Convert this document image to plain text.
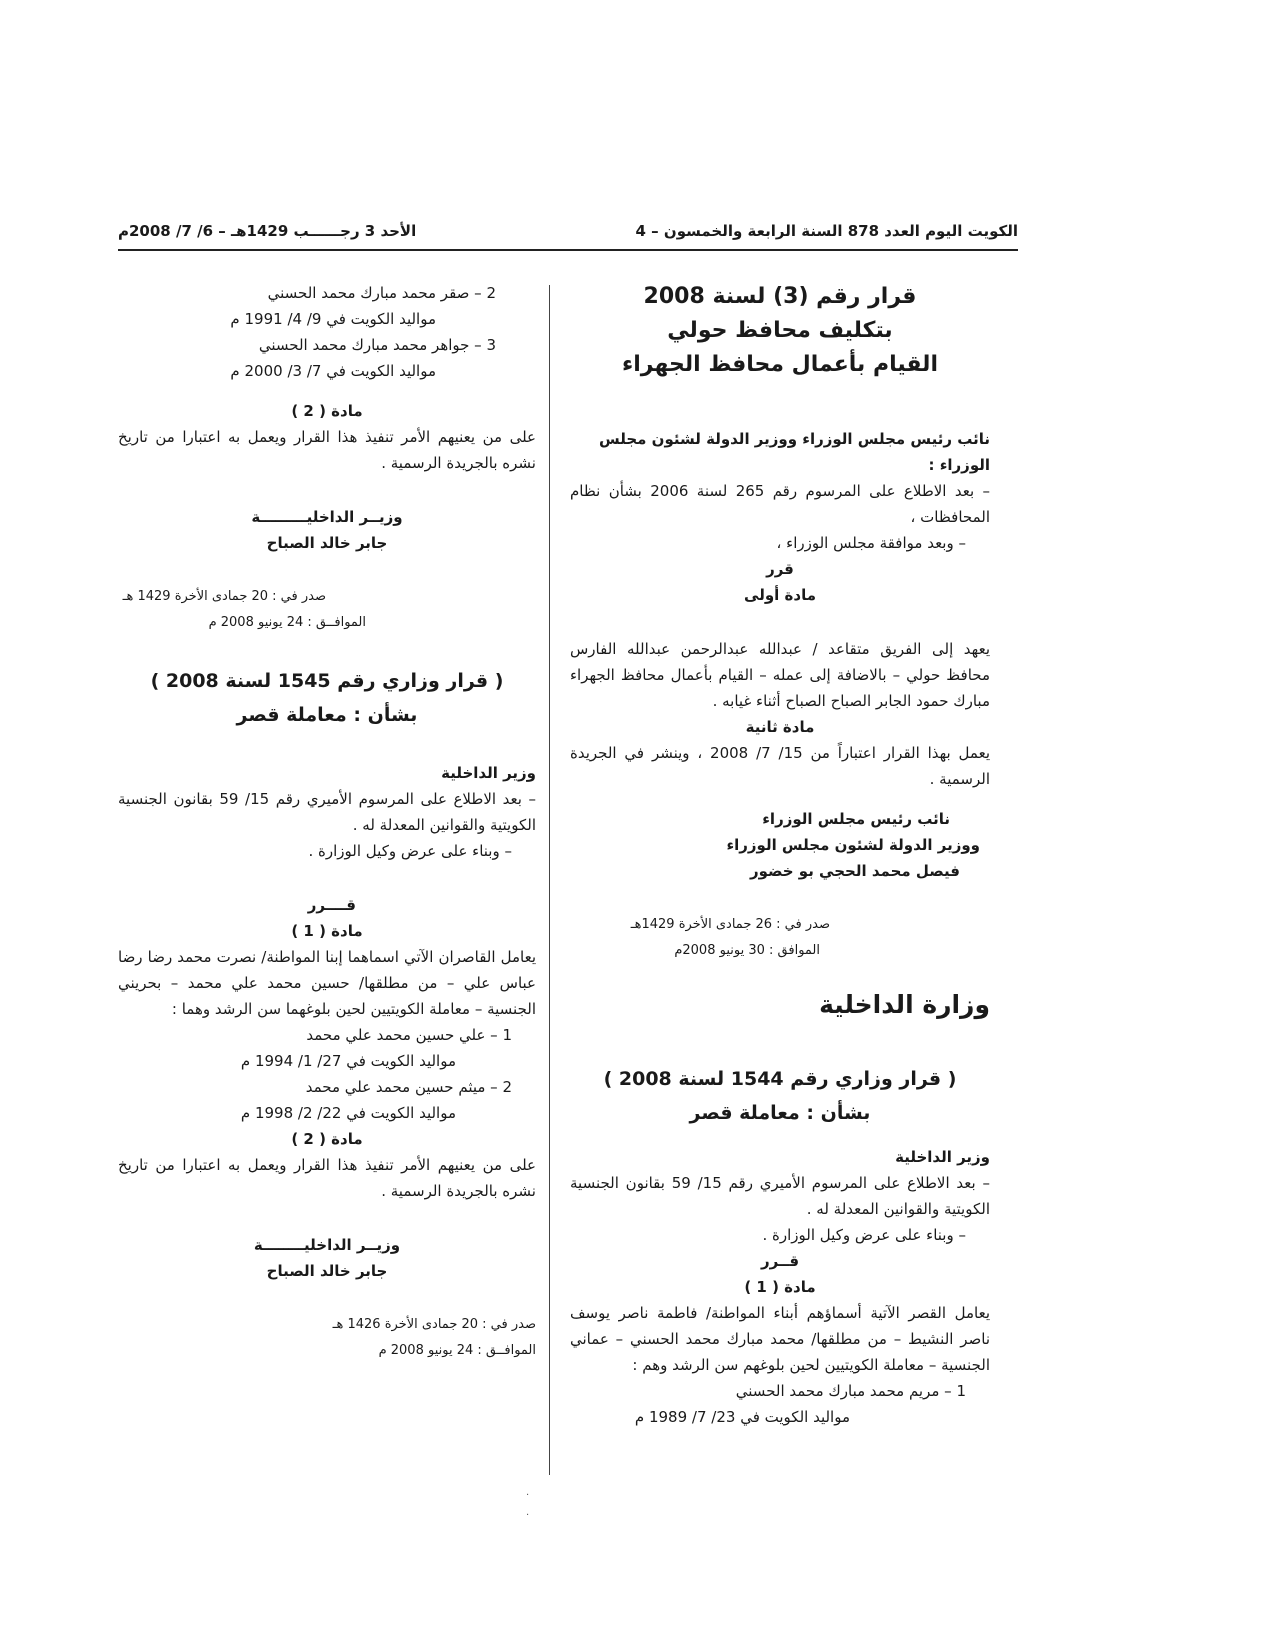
الكويت اليوم العدد 878 السنة الرابعة والخمسون – 4
الأحد 3 رجــــــب 1429هـ – 6/ 7/ 2008م
قرار رقم (3) لسنة 2008
بتكليف محافظ حولي
القيام بأعمال محافظ الجهراء
نائب رئيس مجلس الوزراء ووزير الدولة لشئون مجلس الوزراء :
– بعد الاطلاع على المرسوم رقم 265 لسنة 2006 بشأن نظام المحافظات ،
– وبعد موافقة مجلس الوزراء ،
قرر
مادة أولى
يعهد إلى الفريق متقاعد / عبدالله عبدالرحمن عبدالله الفارس محافظ حولي – بالاضافة إلى عمله – القيام بأعمال محافظ الجهراء مبارك حمود الجابر الصباح الصباح أثناء غيابه .
مادة ثانية
يعمل بهذا القرار اعتباراً من 15/ 7/ 2008 ، وينشر في الجريدة الرسمية .
نائب رئيس مجلس الوزراء
ووزير الدولة لشئون مجلس الوزراء
فيصل محمد الحجي بو خضور
صدر في : 26 جمادى الأخرة 1429هـ
الموافق : 30 يونيو 2008م
وزارة الداخلية
( قرار وزاري رقم 1544 لسنة 2008 )
بشأن : معاملة قصر
وزير الداخلية
– بعد الاطلاع على المرسوم الأميري رقم 15/ 59 بقانون الجنسية الكويتية والقوانين المعدلة له .
– وبناء على عرض وكيل الوزارة .
قــرر
مادة ( 1 )
يعامل القصر الآتية أسماؤهم أبناء المواطنة/ فاطمة ناصر يوسف ناصر النشيط – من مطلقها/ محمد مبارك محمد الحسني – عماني الجنسية – معاملة الكويتيين لحين بلوغهم سن الرشد وهم :
1 – مريم محمد مبارك محمد الحسني
مواليد الكويت في 23/ 7/ 1989 م
2 – صقر محمد مبارك محمد الحسني
مواليد الكويت في 9/ 4/ 1991 م
3 – جواهر محمد مبارك محمد الحسني
مواليد الكويت في 7/ 3/ 2000 م
مادة ( 2 )
على من يعنيهم الأمر تنفيذ هذا القرار ويعمل به اعتبارا من تاريخ نشره بالجريدة الرسمية .
وزيــر الداخليـــــــــة
جابر خالد الصباح
صدر في : 20 جمادى الأخرة 1429 هـ
الموافــق : 24 يونيو 2008 م
( قرار وزاري رقم 1545 لسنة 2008 )
بشأن : معاملة قصر
وزير الداخلية
– بعد الاطلاع على المرسوم الأميري رقم 15/ 59 بقانون الجنسية الكويتية والقوانين المعدلة له .
– وبناء على عرض وكيل الوزارة .
قــــرر
مادة ( 1 )
يعامل القاصران الآتي اسماهما إبنا المواطنة/ نصرت محمد رضا رضا عباس علي – من مطلقها/ حسين محمد علي محمد – بحريني الجنسية – معاملة الكويتيين لحين بلوغهما سن الرشد وهما :
1 – علي حسين محمد علي محمد
مواليد الكويت في 27/ 1/ 1994 م
2 – ميثم حسين محمد علي محمد
مواليد الكويت في 22/ 2/ 1998 م
مادة ( 2 )
على من يعنيهم الأمر تنفيذ هذا القرار ويعمل به اعتبارا من تاريخ نشره بالجريدة الرسمية .
وزيــر الداخليــــــــة
جابر خالد الصباح
صدر في : 20 جمادى الأخرة 1426 هـ
الموافــق : 24 يونيو 2008 م
·
·
